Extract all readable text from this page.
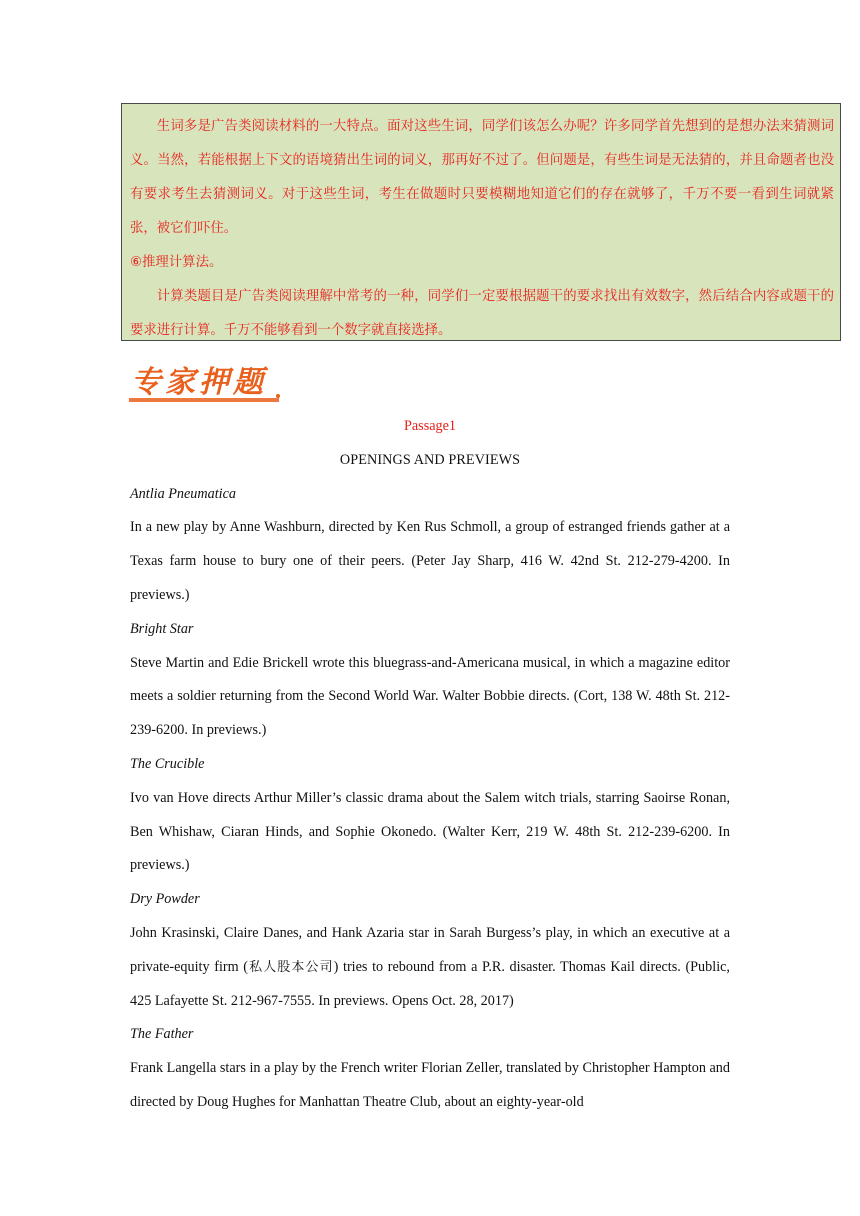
生词多是广告类阅读材料的一大特点。面对这些生词，同学们该怎么办呢？许多同学首先想到的是想办法来猜测词义。当然，若能根据上下文的语境猜出生词的词义，那再好不过了。但问题是，有些生词是无法猜的，并且命题者也没有要求考生去猜测词义。对于这些生词，考生在做题时只要模糊地知道它们的存在就够了，千万不要一看到生词就紧张，被它们吓住。

⑥推理计算法。

计算类题目是广告类阅读理解中常考的一种，同学们一定要根据题干的要求找出有效数字，然后结合内容或题干的要求进行计算。千万不能够看到一个数字就直接选择。

专家押题

Passage1

OPENINGS AND PREVIEWS

Antlia Pneumatica

In a new play by Anne Washburn, directed by Ken Rus Schmoll, a group of estranged friends gather at a Texas farm house to bury one of their peers. (Peter Jay Sharp, 416 W. 42nd St. 212-279-4200. In previews.)

Bright Star

Steve Martin and Edie Brickell wrote this bluegrass-and-Americana musical, in which a magazine editor meets a soldier returning from the Second World War. Walter Bobbie directs. (Cort, 138 W. 48th St. 212-239-6200. In previews.)

The Crucible

Ivo van Hove directs Arthur Miller’s classic drama about the Salem witch trials, starring Saoirse Ronan, Ben Whishaw, Ciaran Hinds, and Sophie Okonedo. (Walter Kerr, 219 W. 48th St. 212-239-6200. In previews.)

Dry Powder

John Krasinski, Claire Danes, and Hank Azaria star in Sarah Burgess’s play, in which an executive at a private-equity firm (私人股本公司) tries to rebound from a P.R. disaster. Thomas Kail directs. (Public, 425 Lafayette St. 212-967-7555. In previews. Opens Oct. 28, 2017)

The Father

Frank Langella stars in a play by the French writer Florian Zeller, translated by Christopher Hampton and directed by Doug Hughes for Manhattan Theatre Club, about an eighty-year-old
